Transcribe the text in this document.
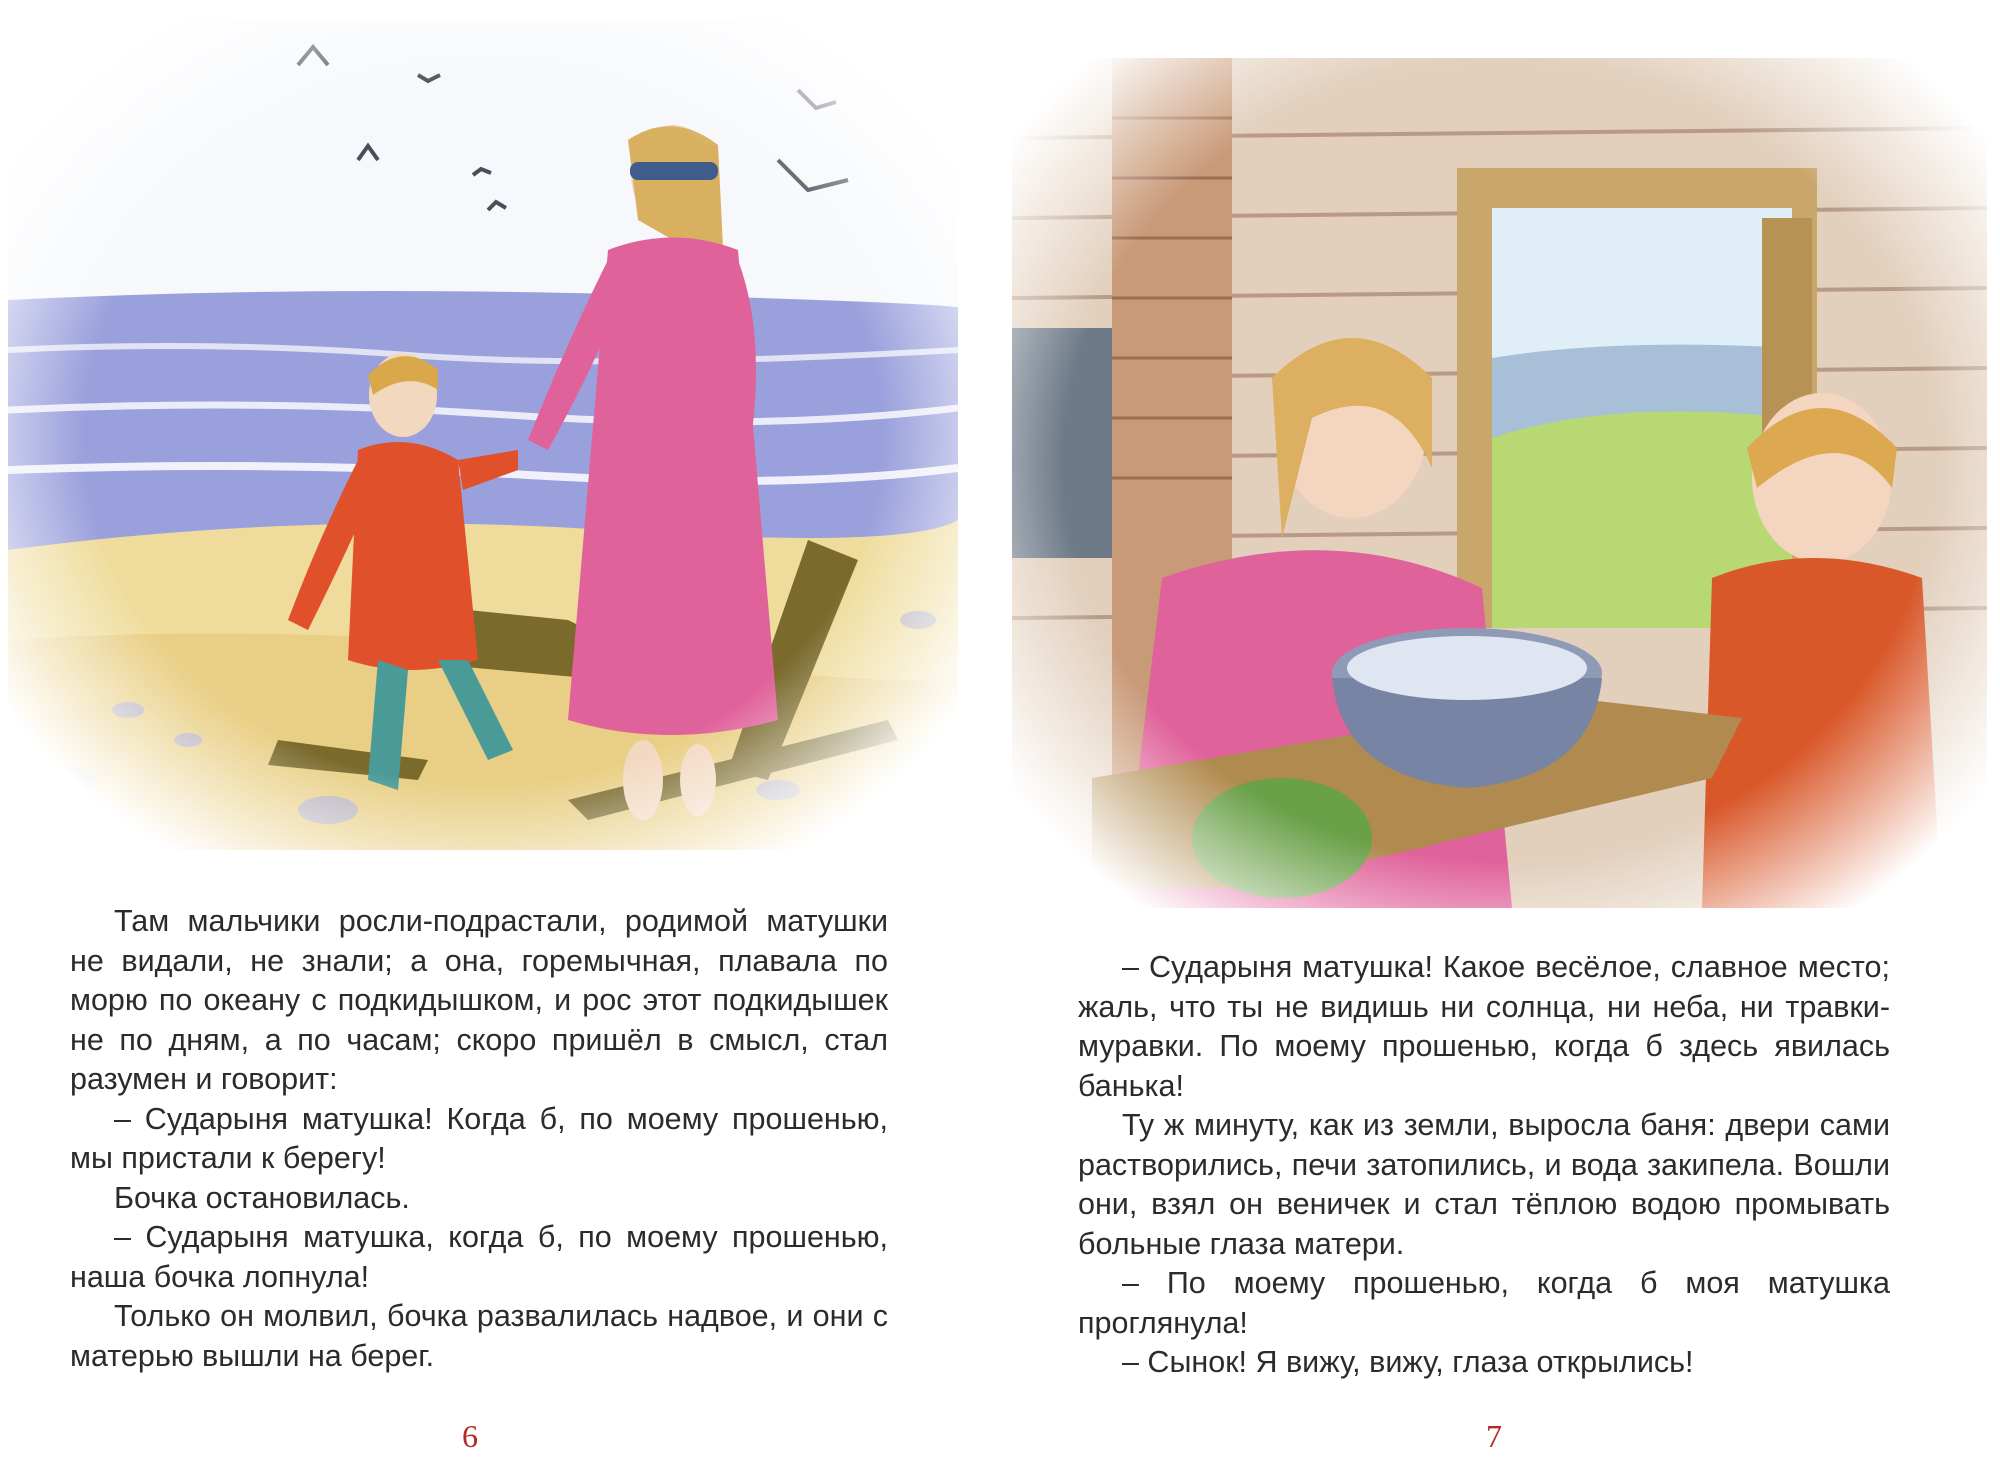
Там мальчики росли-подрастали, родимой матушки не видали, не знали; а она, горемычная, плавала по морю по океану с подкидышком, и рос этот подкидышек не по дням, а по часам; скоро пришёл в смысл, стал разумен и говорит:

– Сударыня матушка! Когда б, по моему прошенью, мы пристали к берегу!

Бочка остановилась.

– Сударыня матушка, когда б, по моему прошенью, наша бочка лопнула!

Только он молвил, бочка развалилась надвое, и они с матерью вышли на берег.

6

– Сударыня матушка! Какое весёлое, славное место; жаль, что ты не видишь ни солнца, ни неба, ни травки-муравки. По моему прошенью, когда б здесь явилась банька!

Ту ж минуту, как из земли, выросла баня: двери сами растворились, печи затопились, и вода закипела. Вошли они, взял он веничек и стал тёплою водою промывать больные глаза матери.

– По моему прошенью, когда б моя матушка проглянула!

– Сынок! Я вижу, вижу, глаза открылись!

7
